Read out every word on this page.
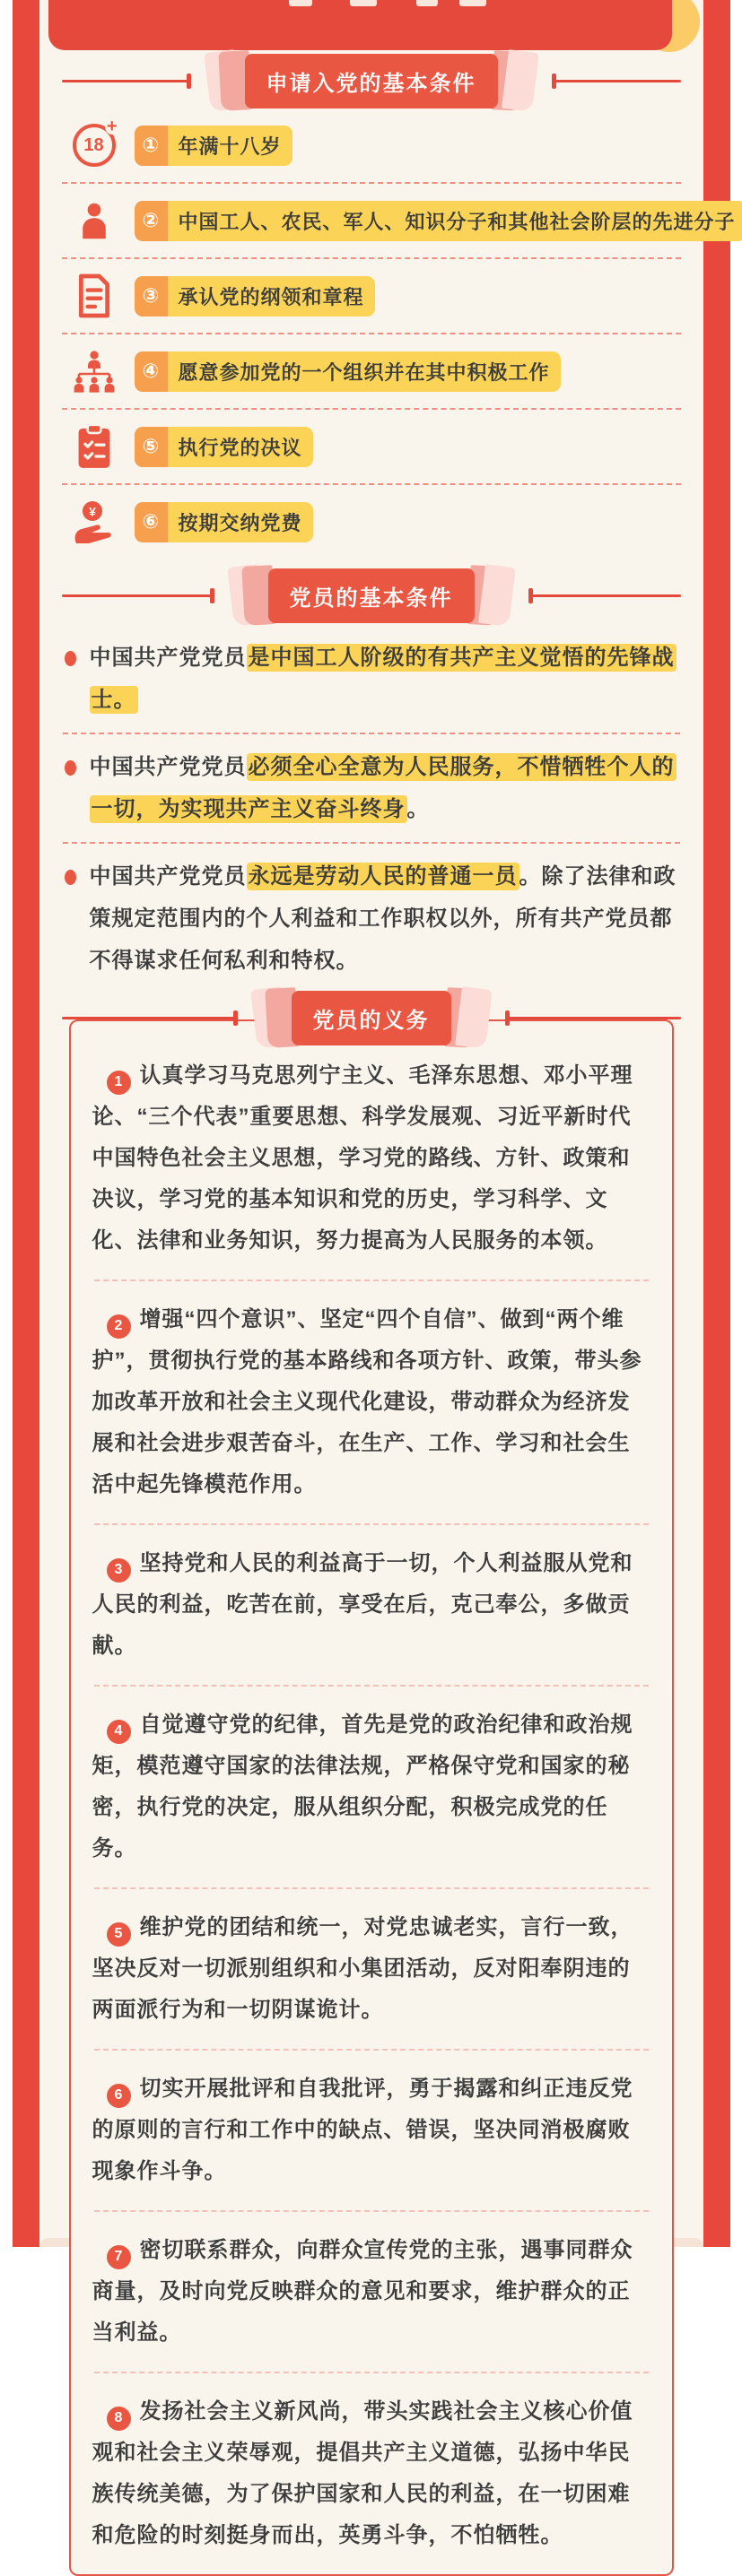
申请入党的基本条件
18
+
① 年满十八岁
② 中国工人、农民、军人、知识分子和其他社会阶层的先进分子
③ 承认党的纲领和章程
④ 愿意参加党的一个组织并在其中积极工作
⑤ 执行党的决议
¥	⑥ 按期交纳党费
党员的基本条件

中国共产党党员是中国工人阶级的有共产主义觉悟的先锋战士。

中国共产党党员必须全心全意为人民服务，不惜牺牲个人的一切，为实现共产主义奋斗终身。

中国共产党党员永远是劳动人民的普通一员。除了法律和政策规定范围内的个人利益和工作职权以外，所有共产党员都不得谋求任何私利和特权。

党员的义务

1 认真学习马克思列宁主义、毛泽东思想、邓小平理论、“三个代表”重要思想、科学发展观、习近平新时代中国特色社会主义思想，学习党的路线、方针、政策和决议，学习党的基本知识和党的历史，学习科学、文化、法律和业务知识，努力提高为人民服务的本领。

2 增强“四个意识”、坚定“四个自信”、做到“两个维护”，贯彻执行党的基本路线和各项方针、政策，带头参加改革开放和社会主义现代化建设，带动群众为经济发展和社会进步艰苦奋斗，在生产、工作、学习和社会生活中起先锋模范作用。

3 坚持党和人民的利益高于一切，个人利益服从党和人民的利益，吃苦在前，享受在后，克己奉公，多做贡献。

4 自觉遵守党的纪律，首先是党的政治纪律和政治规矩，模范遵守国家的法律法规，严格保守党和国家的秘密，执行党的决定，服从组织分配，积极完成党的任务。

5 维护党的团结和统一，对党忠诚老实，言行一致，坚决反对一切派别组织和小集团活动，反对阳奉阴违的两面派行为和一切阴谋诡计。

6 切实开展批评和自我批评，勇于揭露和纠正违反党的原则的言行和工作中的缺点、错误，坚决同消极腐败现象作斗争。

7 密切联系群众，向群众宣传党的主张，遇事同群众商量，及时向党反映群众的意见和要求，维护群众的正当利益。

8 发扬社会主义新风尚，带头实践社会主义核心价值观和社会主义荣辱观，提倡共产主义道德，弘扬中华民族传统美德，为了保护国家和人民的利益，在一切困难和危险的时刻挺身而出，英勇斗争，不怕牺牲。
